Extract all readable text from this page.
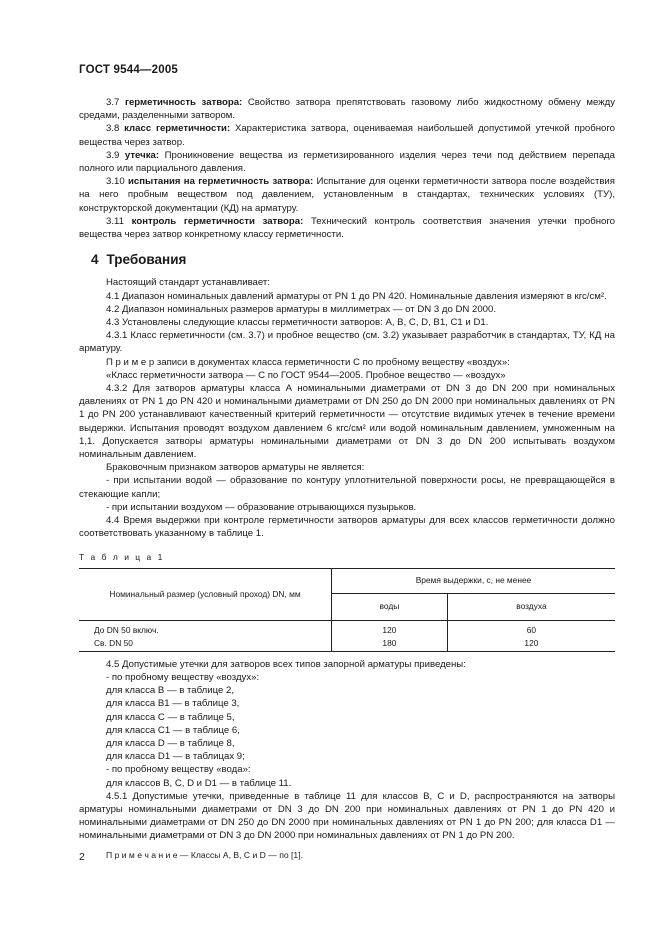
ГОСТ 9544—2005

3.7 герметичность затвора: Свойство затвора препятствовать газовому либо жидкостному обмену между средами, разделенными затвором.

3.8 класс герметичности: Характеристика затвора, оцениваемая наибольшей допустимой утечкой пробного вещества через затвор.

3.9 утечка: Проникновение вещества из герметизированного изделия через течи под действием перепада полного или парциального давления.

3.10 испытания на герметичность затвора: Испытание для оценки герметичности затвора после воздействия на него пробным веществом под давлением, установленным в стандартах, технических условиях (ТУ), конструкторской документации (КД) на арматуру.

3.11 контроль герметичности затвора: Технический контроль соответствия значения утечки пробного вещества через затвор конкретному классу герметичности.

4 Требования

Настоящий стандарт устанавливает:

4.1 Диапазон номинальных давлений арматуры от PN 1 до PN 420. Номинальные давления измеряют в кгс/см².

4.2 Диапазон номинальных размеров арматуры в миллиметрах — от DN 3 до DN 2000.

4.3 Установлены следующие классы герметичности затворов: А, В, С, D, В1, С1 и D1.

4.3.1 Класс герметичности (см. 3.7) и пробное вещество (см. 3.2) указывает разработчик в стандартах, ТУ, КД на арматуру.

П р и м е р записи в документах класса герметичности С по пробному веществу «воздух»:

«Класс герметичности затвора — С по ГОСТ 9544—2005. Пробное вещество — «воздух»

4.3.2 Для затворов арматуры класса А номинальными диаметрами от DN 3 до DN 200 при номинальных давлениях от PN 1 до PN 420 и номинальными диаметрами от DN 250 до DN 2000 при номинальных давлениях от PN 1 до PN 200 устанавливают качественный критерий герметичности — отсутствие видимых утечек в течение времени выдержки. Испытания проводят воздухом давлением 6 кгс/см² или водой номинальным давлением, умноженным на 1,1. Допускается затворы арматуры номинальными диаметрами от DN 3 до DN 200 испытывать воздухом номинальным давлением.

Браковочным признаком затворов арматуры не является:

- при испытании водой — образование по контуру уплотнительной поверхности росы, не превращающейся в стекающие капли;

- при испытании воздухом — образование отрывающихся пузырьков.

4.4 Время выдержки при контроле герметичности затворов арматуры для всех классов герметичности должно соответствовать указанному в таблице 1.

Т а б л и ц а 1
Номинальный размер (условный проход) DN, мм	Время выдержки, с, не менее	
	воды	воздуха
До DN 50 включ.	120	60
Св. DN 50	180	120

4.5 Допустимые утечки для затворов всех типов запорной арматуры приведены:

- по пробному веществу «воздух»:

для класса В — в таблице 2,

для класса В1 — в таблице 3,

для класса С — в таблице 5,

для класса С1 — в таблице 6,

для класса D — в таблице 8,

для класса D1 — в таблицах 9;

- по пробному веществу «вода»:

для классов В, С, D и D1 — в таблице 11.

4.5.1 Допустимые утечки, приведенные в таблице 11 для классов В, С и D, распространяются на затворы арматуры номинальными диаметрами от DN 3 до DN 200 при номинальных давлениях от PN 1 до PN 420 и номинальными диаметрами от DN 250 до DN 2000 при номинальных давлениях от PN 1 до PN 200; для класса D1 — номинальными диаметрами от DN 3 до DN 2000 при номинальных давлениях от PN 1 до PN 200.

П р и м е ч а н и е — Классы А, В, С и D — по [1].

2
